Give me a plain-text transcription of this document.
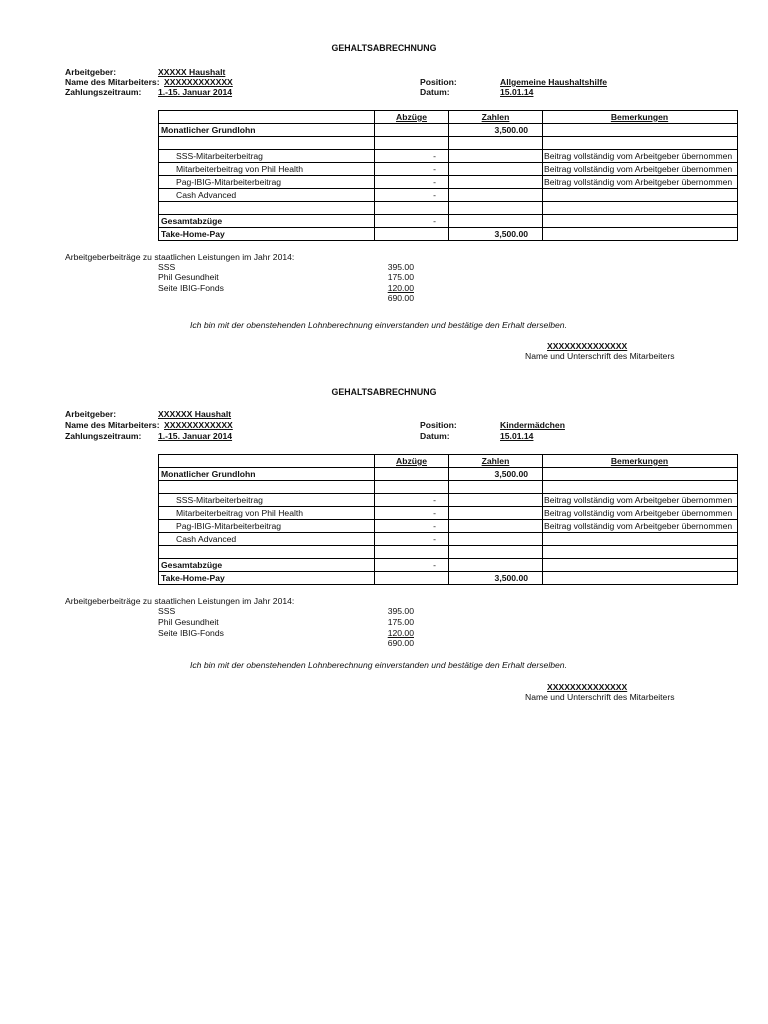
GEHALTSABRECHNUNG
Arbeitgeber:	XXXXX Haushalt
Name des Mitarbeiters: XXXXXXXXXXXX
Zahlungszeitraum: 1.-15. Januar 2014
Position:	Allgemeine Haushaltshilfe
Datum:	15.01.14
	Abzüge	Zahlen	Bemerkungen
Monatlicher Grundlohn		3,500.00	

SSS-Mitarbeiterbeitrag	-		Beitrag vollständig vom Arbeitgeber übernommen
Mitarbeiterbeitrag von Phil Health	-		Beitrag vollständig vom Arbeitgeber übernommen
Pag-IBIG-Mitarbeiterbeitrag	-		Beitrag vollständig vom Arbeitgeber übernommen
Cash Advanced	-		

Gesamtabzüge	-		
Take-Home-Pay		3,500.00	
Arbeitgeberbeiträge zu staatlichen Leistungen im Jahr 2014:
SSS	395.00
Phil Gesundheit	175.00
Seite IBIG-Fonds	120.00
690.00
Ich bin mit der obenstehenden Lohnberechnung einverstanden und bestätige den Erhalt derselben.
XXXXXXXXXXXXXX
Name und Unterschrift des Mitarbeiters
GEHALTSABRECHNUNG
Arbeitgeber:	XXXXXX Haushalt
Name des Mitarbeiters: XXXXXXXXXXXX
Zahlungszeitraum: 1.-15. Januar 2014
Position:	Kindermädchen
Datum:	15.01.14
	Abzüge	Zahlen	Bemerkungen
Monatlicher Grundlohn		3,500.00	

SSS-Mitarbeiterbeitrag	-		Beitrag vollständig vom Arbeitgeber übernommen
Mitarbeiterbeitrag von Phil Health	-		Beitrag vollständig vom Arbeitgeber übernommen
Pag-IBIG-Mitarbeiterbeitrag	-		Beitrag vollständig vom Arbeitgeber übernommen
Cash Advanced	-		

Gesamtabzüge	-		
Take-Home-Pay		3,500.00	
Arbeitgeberbeiträge zu staatlichen Leistungen im Jahr 2014:
SSS	395.00
Phil Gesundheit	175.00
Seite IBIG-Fonds	120.00
690.00
Ich bin mit der obenstehenden Lohnberechnung einverstanden und bestätige den Erhalt derselben.
XXXXXXXXXXXXXX
Name und Unterschrift des Mitarbeiters
